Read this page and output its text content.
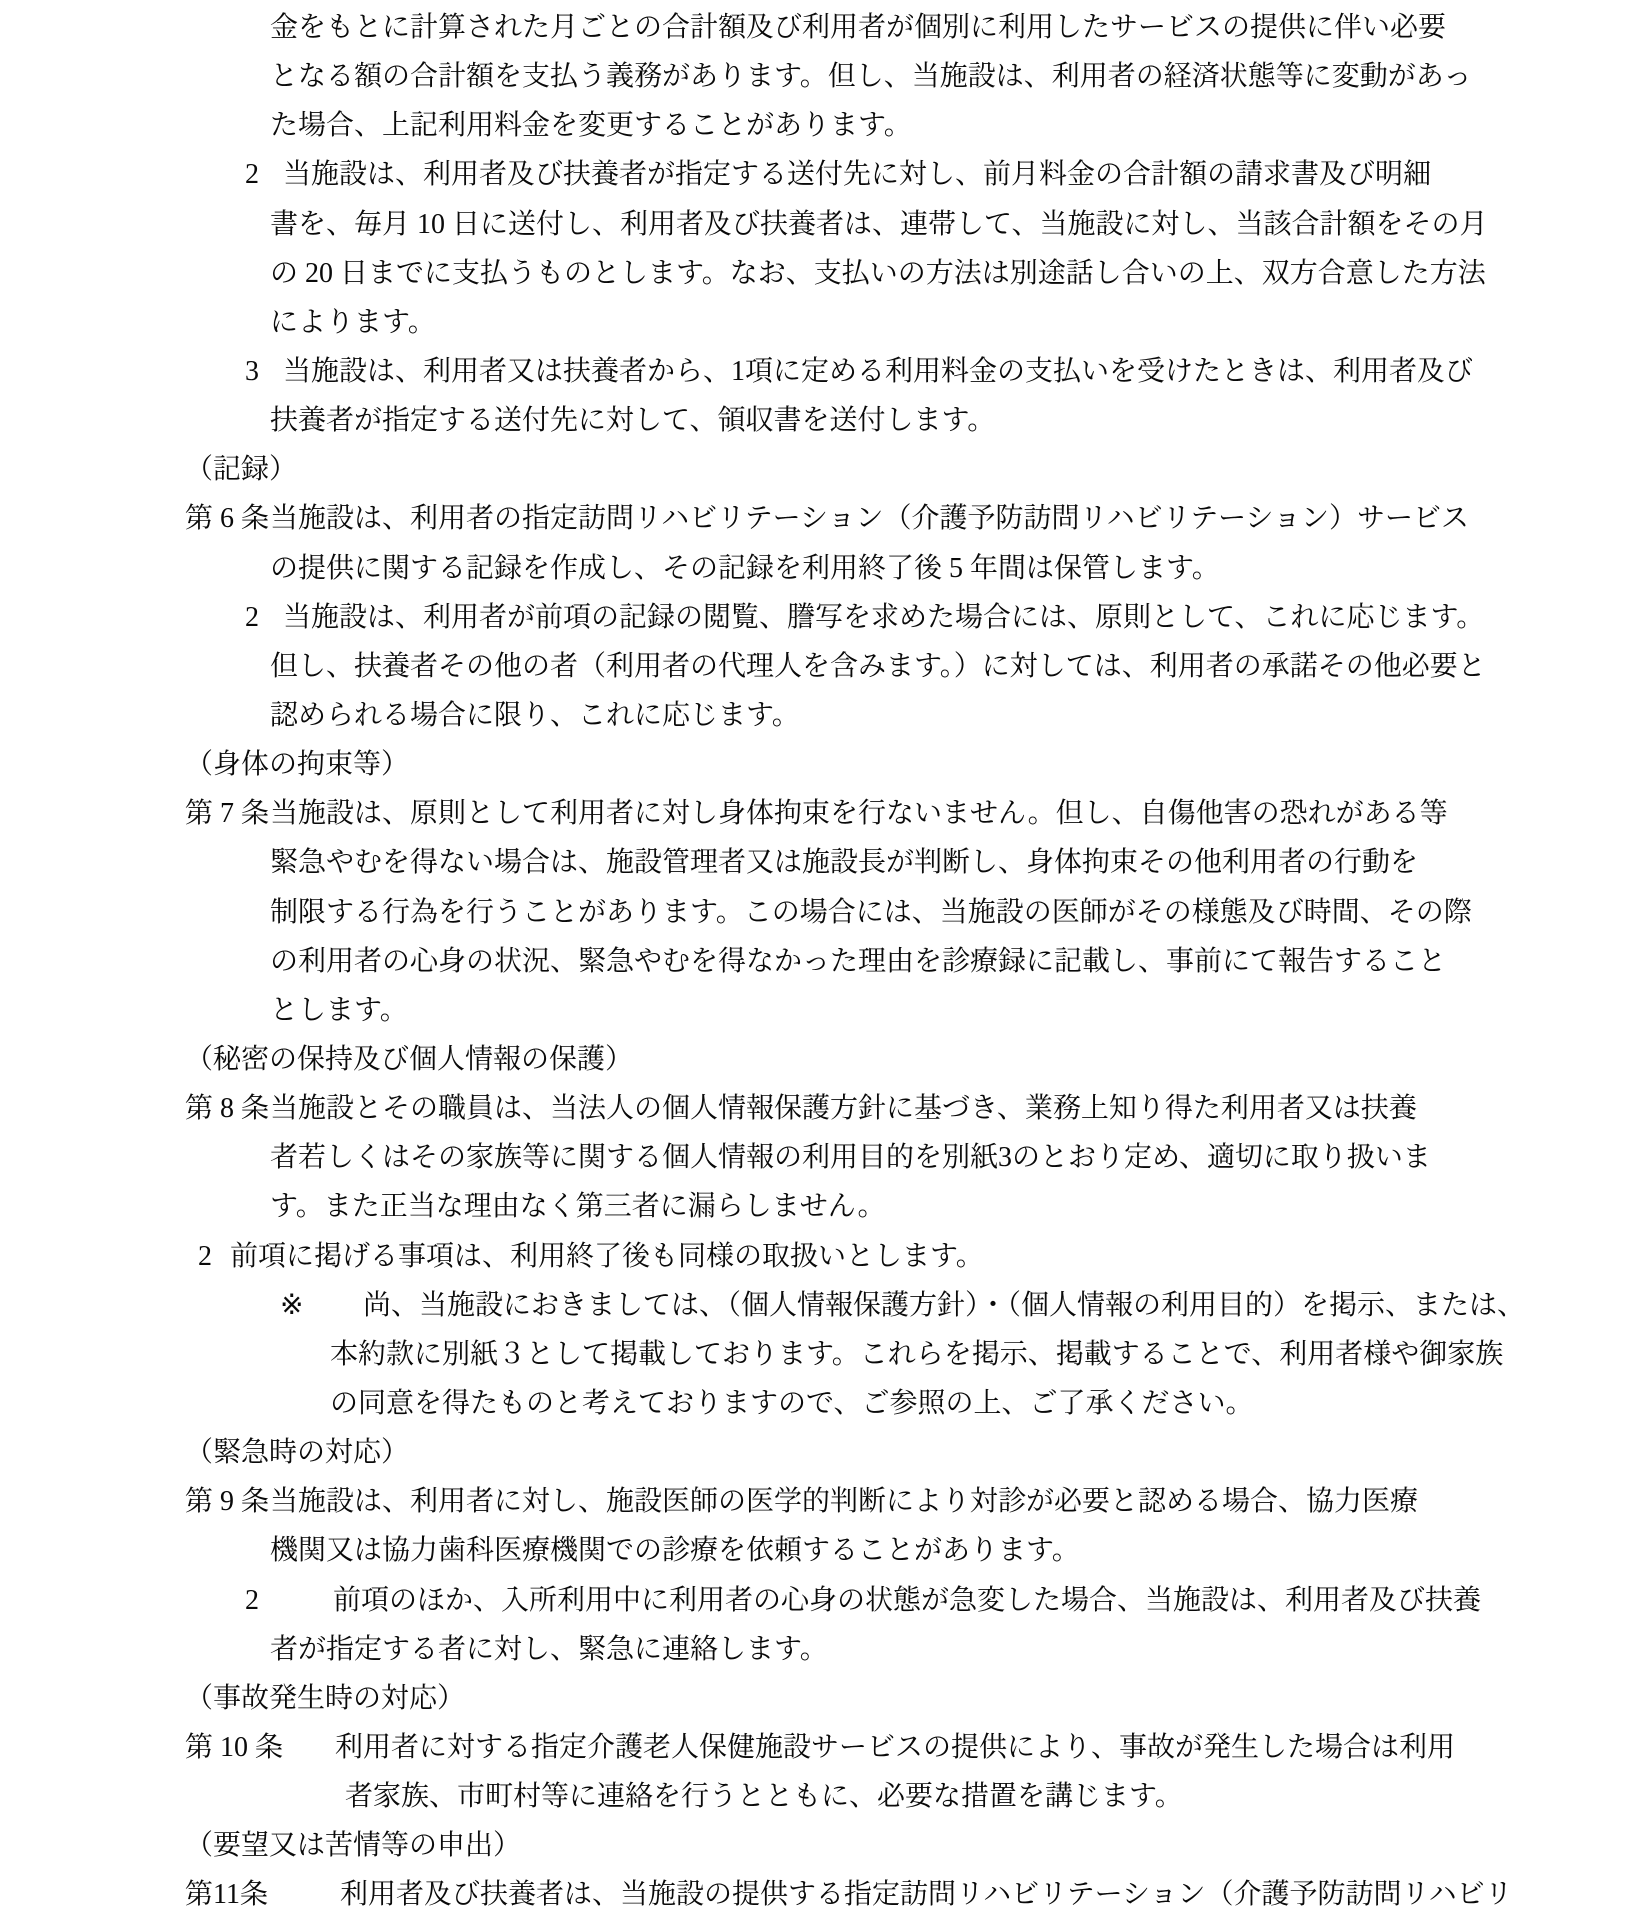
金をもとに計算された月ごとの合計額及び利用者が個別に利用したサービスの提供に伴い必要
となる額の合計額を支払う義務があります。但し、当施設は、利用者の経済状態等に変動があっ
た場合、上記利用料金を変更することがあります。
2 当施設は、利用者及び扶養者が指定する送付先に対し、前月料金の合計額の請求書及び明細
書を、毎月 10 日に送付し、利用者及び扶養者は、連帯して、当施設に対し、当該合計額をその月
の 20 日までに支払うものとします。なお、支払いの方法は別途話し合いの上、双方合意した方法
によります。
3 当施設は、利用者又は扶養者から、1項に定める利用料金の支払いを受けたときは、利用者及び
扶養者が指定する送付先に対して、領収書を送付します。
（記録）
第 6 条当施設は、利用者の指定訪問リハビリテーション（介護予防訪問リハビリテーション）サービス
の提供に関する記録を作成し、その記録を利用終了後 5 年間は保管します。
2 当施設は、利用者が前項の記録の閲覧、謄写を求めた場合には、原則として、これに応じます。
但し、扶養者その他の者（利用者の代理人を含みます。）に対しては、利用者の承諾その他必要と
認められる場合に限り、これに応じます。
（身体の拘束等）
第 7 条当施設は、原則として利用者に対し身体拘束を行ないません。但し、自傷他害の恐れがある等
緊急やむを得ない場合は、施設管理者又は施設長が判断し、身体拘束その他利用者の行動を
制限する行為を行うことがあります。この場合には、当施設の医師がその様態及び時間、その際
の利用者の心身の状況、緊急やむを得なかった理由を診療録に記載し、事前にて報告すること
とします。
（秘密の保持及び個人情報の保護）
第 8 条当施設とその職員は、当法人の個人情報保護方針に基づき、業務上知り得た利用者又は扶養
者若しくはその家族等に関する個人情報の利用目的を別紙3のとおり定め、適切に取り扱いま
す。また正当な理由なく第三者に漏らしません。
2 前項に掲げる事項は、利用終了後も同様の取扱いとします。
※ 尚、当施設におきましては、（個人情報保護方針）・（個人情報の利用目的）を掲示、または、
本約款に別紙３として掲載しております。これらを掲示、掲載することで、利用者様や御家族
の同意を得たものと考えておりますので、ご参照の上、ご了承ください。
（緊急時の対応）
第 9 条当施設は、利用者に対し、施設医師の医学的判断により対診が必要と認める場合、協力医療
機関又は協力歯科医療機関での診療を依頼することがあります。
2	前項のほか、入所利用中に利用者の心身の状態が急変した場合、当施設は、利用者及び扶養
者が指定する者に対し、緊急に連絡します。
（事故発生時の対応）
第 10 条 利用者に対する指定介護老人保健施設サービスの提供により、事故が発生した場合は利用
者家族、市町村等に連絡を行うとともに、必要な措置を講じます。
（要望又は苦情等の申出）
第11条	利用者及び扶養者は、当施設の提供する指定訪問リハビリテーション（介護予防訪問リハビリ
